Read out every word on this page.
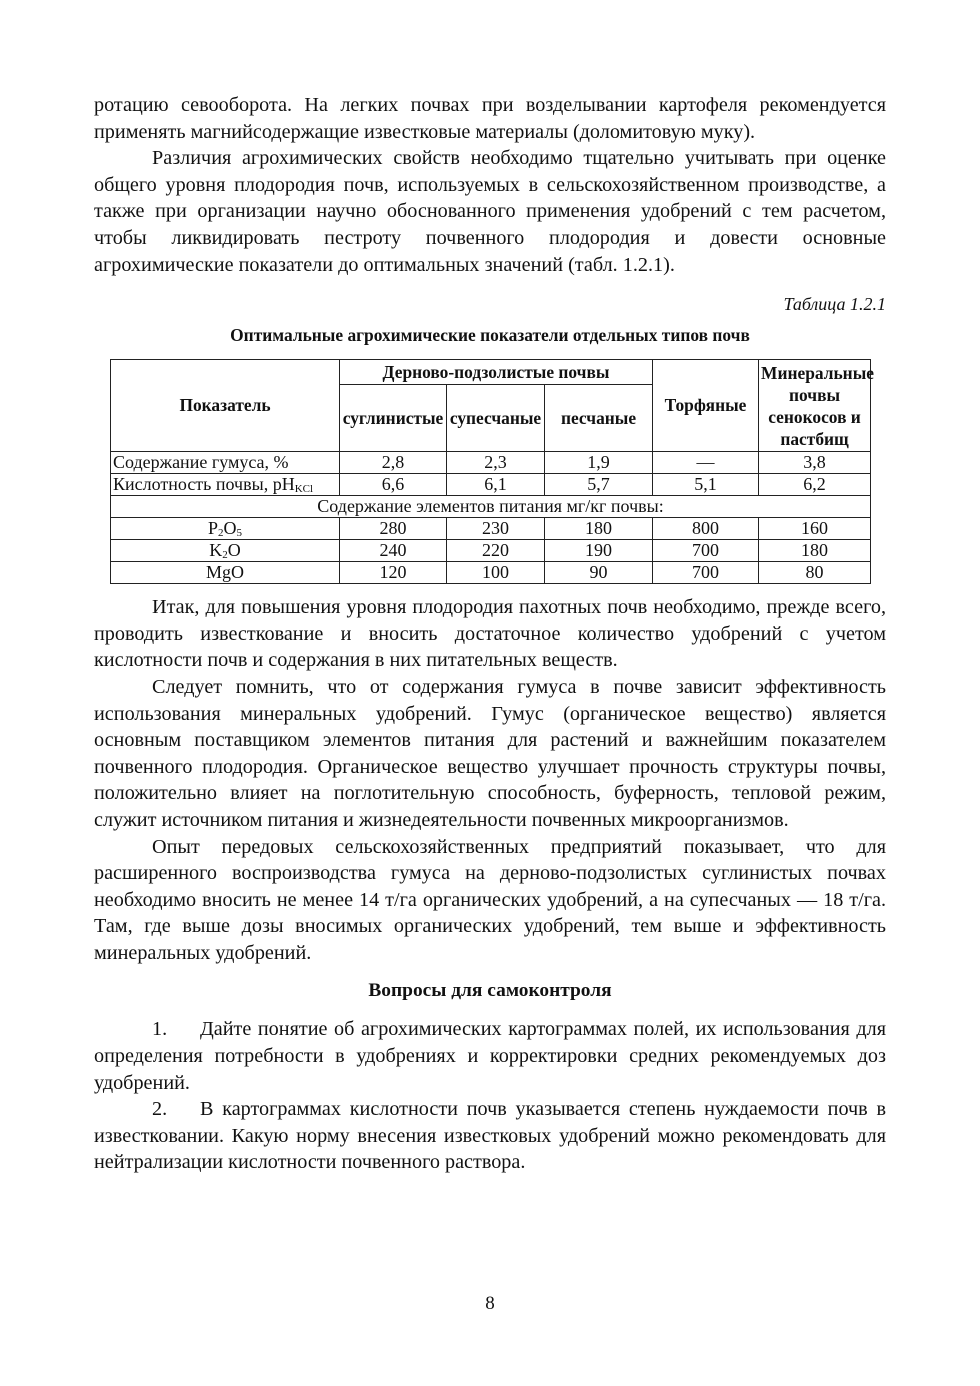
ротацию севооборота. На легких почвах при возделывании картофеля рекомендуется применять магнийсодержащие известковые материалы (доломитовую муку).

Различия агрохимических свойств необходимо тщательно учитывать при оценке общего уровня плодородия почв, используемых в сельскохозяйственном производстве, а также при организации научно обоснованного применения удобрений с тем расчетом, чтобы ликвидировать пестроту почвенного плодородия и довести основные агрохимические показатели до оптимальных значений (табл. 1.2.1).

Таблица 1.2.1
Оптимальные агрохимические показатели отдельных типов почв
Показатель	Дерново-подзолистые почвы			Торфяные	Минеральные почвы сенокосов и пастбищ
	суглинистые	супесчаные	песчаные		
Содержание гумуса, %	2,8	2,3	1,9	—	3,8
Кислотность почвы, $pH_{KCl}$	6,6	6,1	5,7	5,1	6,2
Содержание элементов питания мг/кг почвы:					
$P_2O_5$	280	230	180	800	160
$K_2O$	240	220	190	700	180
MgO	120	100	90	700	80

Итак, для повышения уровня плодородия пахотных почв необходимо, прежде всего, проводить известкование и вносить достаточное количество удобрений с учетом кислотности почв и содержания в них питательных веществ.

Следует помнить, что от содержания гумуса в почве зависит эффективность использования минеральных удобрений. Гумус (органическое вещество) является основным поставщиком элементов питания для растений и важнейшим показателем почвенного плодородия. Органическое вещество улучшает прочность структуры почвы, положительно влияет на поглотительную способность, буферность, тепловой режим, служит источником питания и жизнедеятельности почвенных микроорганизмов.

Опыт передовых сельскохозяйственных предприятий показывает, что для расширенного воспроизводства гумуса на дерново-подзолистых суглинистых почвах необходимо вносить не менее 14 т/га органических удобрений, а на супесчаных — 18 т/га. Там, где выше дозы вносимых органических удобрений, тем выше и эффективность минеральных удобрений.

Вопросы для самоконтроля

1. Дайте понятие об агрохимических картограммах полей, их использования для определения потребности в удобрениях и корректировки средних рекомендуемых доз удобрений.

2. В картограммах кислотности почв указывается степень нуждаемости почв в известковании. Какую норму внесения известковых удобрений можно рекомендовать для нейтрализации кислотности почвенного раствора.

8
